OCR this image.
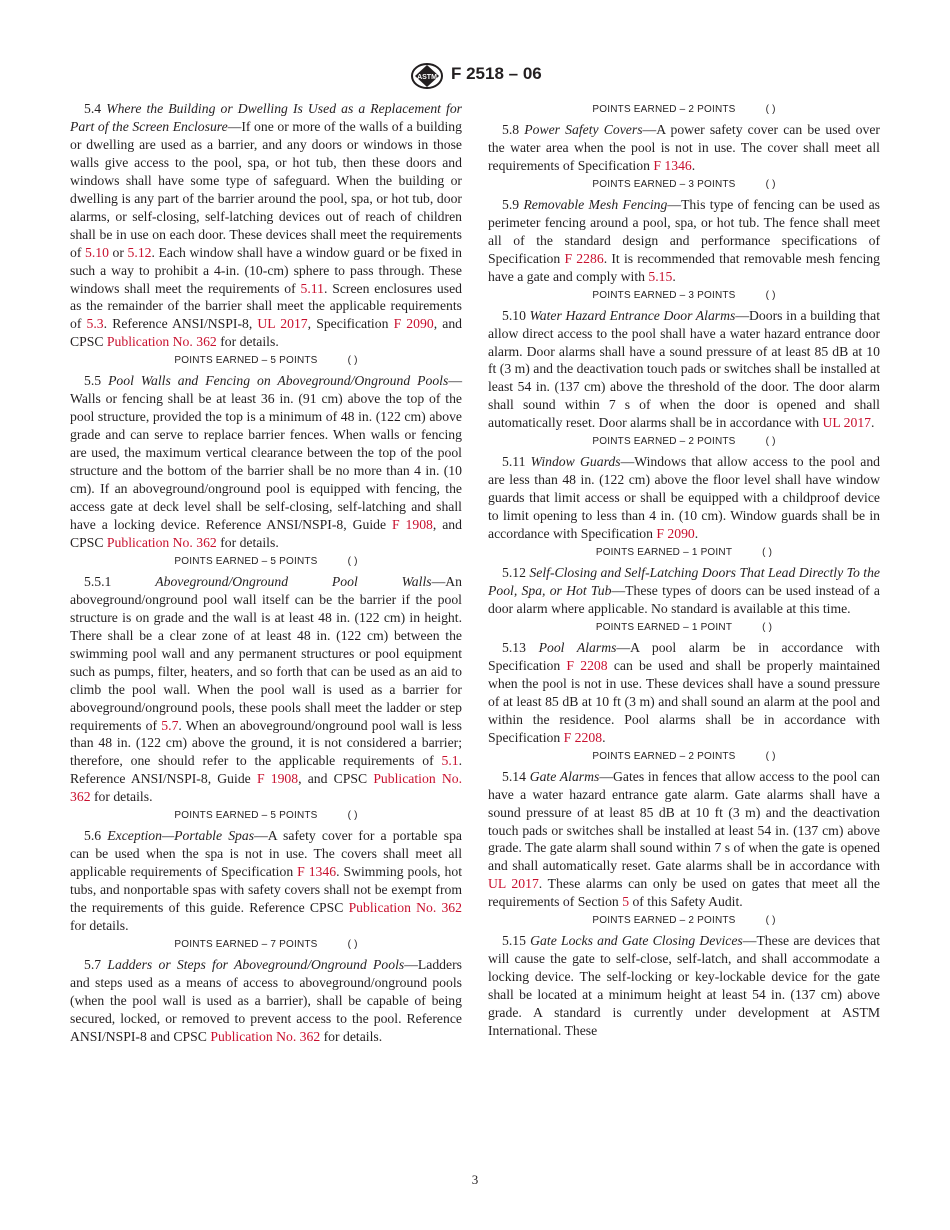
ASTM F 2518 – 06

5.4 Where the Building or Dwelling Is Used as a Replacement for Part of the Screen Enclosure—If one or more of the walls of a building or dwelling are used as a barrier, and any doors or windows in those walls give access to the pool, spa, or hot tub, then these doors and windows shall have some type of safeguard. When the building or dwelling is any part of the barrier around the pool, spa, or hot tub, door alarms, or self-closing, self-latching devices out of reach of children shall be in use on each door. These devices shall meet the requirements of 5.10 or 5.12. Each window shall have a window guard or be fixed in such a way to prohibit a 4-in. (10-cm) sphere to pass through. These windows shall meet the requirements of 5.11. Screen enclosures used as the remainder of the barrier shall meet the applicable requirements of 5.3. Reference ANSI/NSPI-8, UL 2017, Specification F 2090, and CPSC Publication No. 362 for details.

POINTS EARNED – 5 POINTS	( )

5.5 Pool Walls and Fencing on Aboveground/Onground Pools—Walls or fencing shall be at least 36 in. (91 cm) above the top of the pool structure, provided the top is a minimum of 48 in. (122 cm) above grade and can serve to replace barrier fences. When walls or fencing are used, the maximum vertical clearance between the top of the pool structure and the bottom of the barrier shall be no more than 4 in. (10 cm). If an aboveground/onground pool is equipped with fencing, the access gate at deck level shall be self-closing, self-latching and shall have a locking device. Reference ANSI/NSPI-8, Guide F 1908, and CPSC Publication No. 362 for details.

POINTS EARNED – 5 POINTS	( )

5.5.1 Aboveground/Onground Pool Walls—An aboveground/onground pool wall itself can be the barrier if the pool structure is on grade and the wall is at least 48 in. (122 cm) in height. There shall be a clear zone of at least 48 in. (122 cm) between the swimming pool wall and any permanent structures or pool equipment such as pumps, filter, heaters, and so forth that can be used as an aid to climb the pool wall. When the pool wall is used as a barrier for aboveground/onground pools, these pools shall meet the ladder or step requirements of 5.7. When an aboveground/onground pool wall is less than 48 in. (122 cm) above the ground, it is not considered a barrier; therefore, one should refer to the applicable requirements of 5.1. Reference ANSI/NSPI-8, Guide F 1908, and CPSC Publication No. 362 for details.

POINTS EARNED – 5 POINTS	( )

5.6 Exception—Portable Spas—A safety cover for a portable spa can be used when the spa is not in use. The covers shall meet all applicable requirements of Specification F 1346. Swimming pools, hot tubs, and nonportable spas with safety covers shall not be exempt from the requirements of this guide. Reference CPSC Publication No. 362 for details.

POINTS EARNED – 7 POINTS	( )

5.7 Ladders or Steps for Aboveground/Onground Pools—Ladders and steps used as a means of access to aboveground/onground pools (when the pool wall is used as a barrier), shall be capable of being secured, locked, or removed to prevent access to the pool. Reference ANSI/NSPI-8 and CPSC Publication No. 362 for details.

POINTS EARNED – 2 POINTS	( )

5.8 Power Safety Covers—A power safety cover can be used over the water area when the pool is not in use. The cover shall meet all requirements of Specification F 1346.

POINTS EARNED – 3 POINTS	( )

5.9 Removable Mesh Fencing—This type of fencing can be used as perimeter fencing around a pool, spa, or hot tub. The fence shall meet all of the standard design and performance specifications of Specification F 2286. It is recommended that removable mesh fencing have a gate and comply with 5.15.

POINTS EARNED – 3 POINTS	( )

5.10 Water Hazard Entrance Door Alarms—Doors in a building that allow direct access to the pool shall have a water hazard entrance door alarm. Door alarms shall have a sound pressure of at least 85 dB at 10 ft (3 m) and the deactivation touch pads or switches shall be installed at least 54 in. (137 cm) above the threshold of the door. The door alarm shall sound within 7 s of when the door is opened and shall automatically reset. Door alarms shall be in accordance with UL 2017.

POINTS EARNED – 2 POINTS	( )

5.11 Window Guards—Windows that allow access to the pool and are less than 48 in. (122 cm) above the floor level shall have window guards that limit access or shall be equipped with a childproof device to limit opening to less than 4 in. (10 cm). Window guards shall be in accordance with Specification F 2090.

POINTS EARNED – 1 POINT	( )

5.12 Self-Closing and Self-Latching Doors That Lead Directly To the Pool, Spa, or Hot Tub—These types of doors can be used instead of a door alarm where applicable. No standard is available at this time.

POINTS EARNED – 1 POINT	( )

5.13 Pool Alarms—A pool alarm be in accordance with Specification F 2208 can be used and shall be properly maintained when the pool is not in use. These devices shall have a sound pressure of at least 85 dB at 10 ft (3 m) and shall sound an alarm at the pool and within the residence. Pool alarms shall be in accordance with Specification F 2208.

POINTS EARNED – 2 POINTS	( )

5.14 Gate Alarms—Gates in fences that allow access to the pool can have a water hazard entrance gate alarm. Gate alarms shall have a sound pressure of at least 85 dB at 10 ft (3 m) and the deactivation touch pads or switches shall be installed at least 54 in. (137 cm) above grade. The gate alarm shall sound within 7 s of when the gate is opened and shall automatically reset. Gate alarms shall be in accordance with UL 2017. These alarms can only be used on gates that meet all the requirements of Section 5 of this Safety Audit.

POINTS EARNED – 2 POINTS	( )

5.15 Gate Locks and Gate Closing Devices—These are devices that will cause the gate to self-close, self-latch, and shall accommodate a locking device. The self-locking or key-lockable device for the gate shall be located at a minimum height at least 54 in. (137 cm) above grade. A standard is currently under development at ASTM International. These

3
